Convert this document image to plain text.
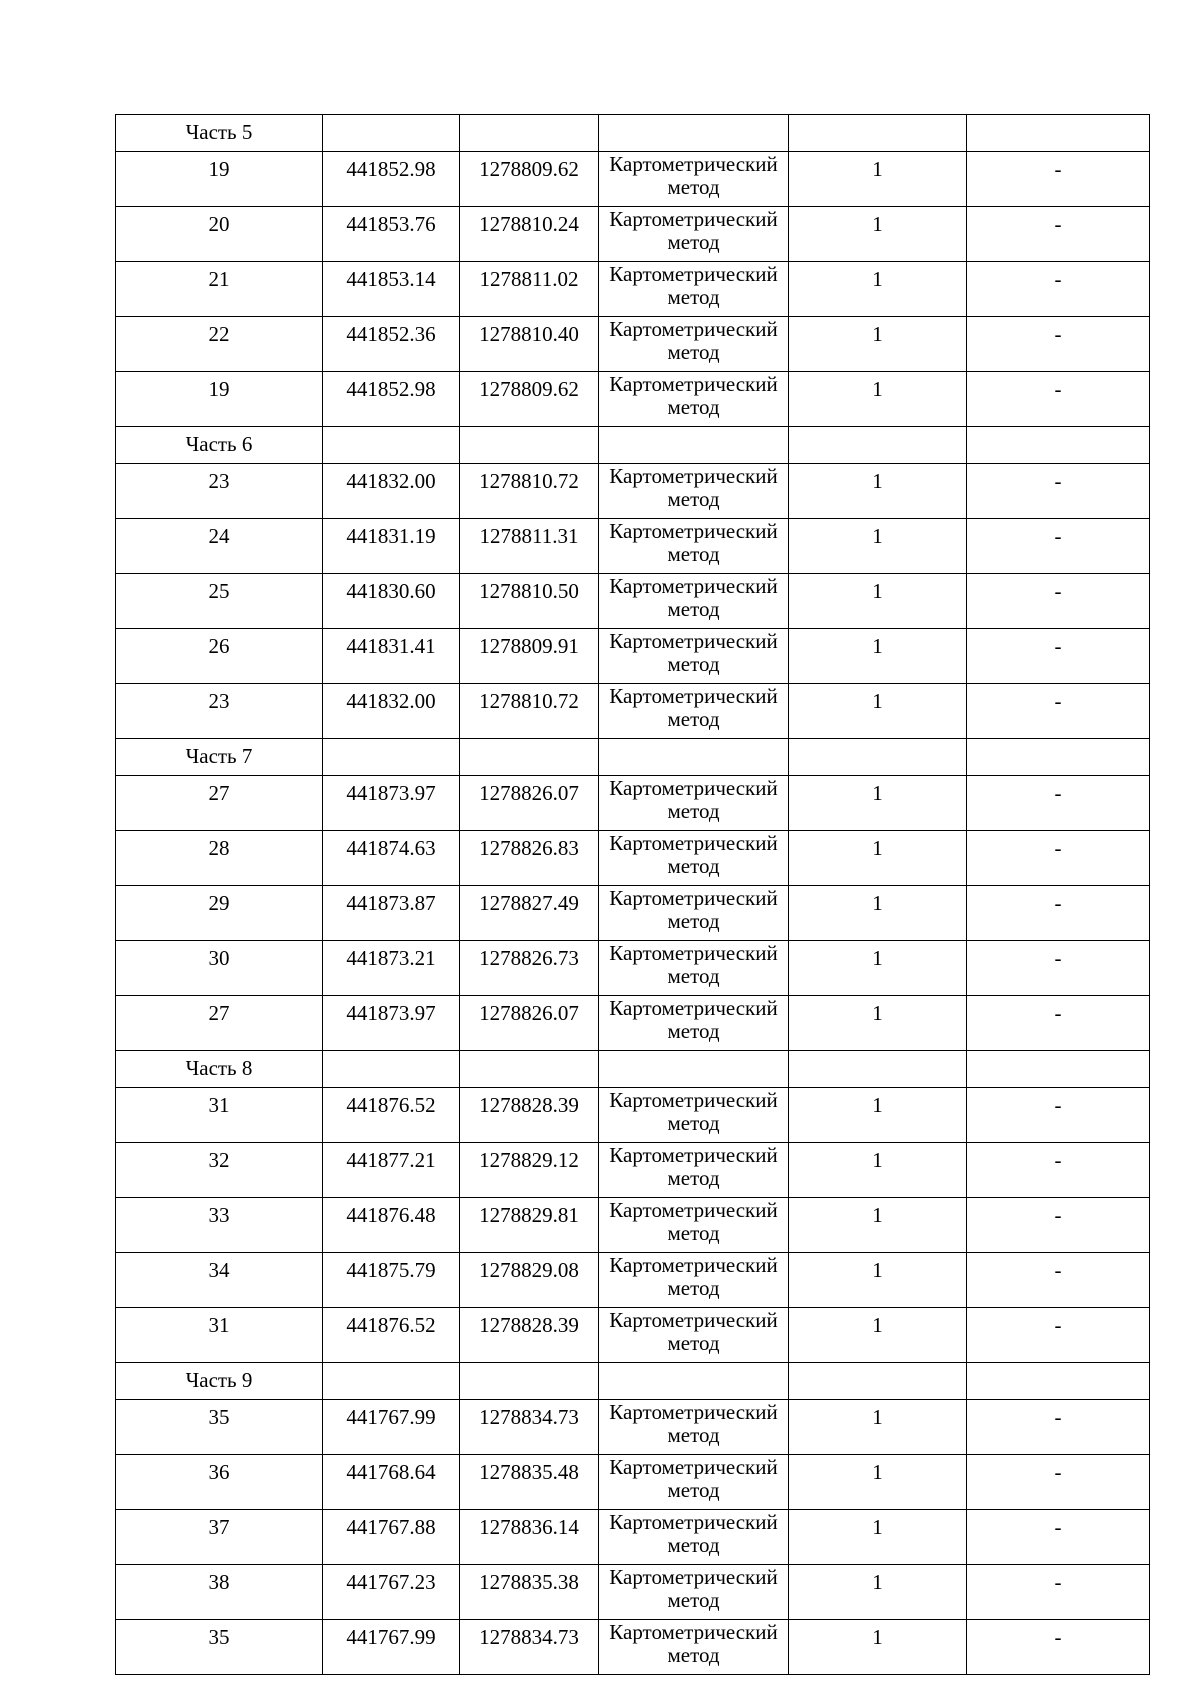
Часть 5					
19	441852.98	1278809.62	Картометрический метод	1	-
20	441853.76	1278810.24	Картометрический метод	1	-
21	441853.14	1278811.02	Картометрический метод	1	-
22	441852.36	1278810.40	Картометрический метод	1	-
19	441852.98	1278809.62	Картометрический метод	1	-
Часть 6					
23	441832.00	1278810.72	Картометрический метод	1	-
24	441831.19	1278811.31	Картометрический метод	1	-
25	441830.60	1278810.50	Картометрический метод	1	-
26	441831.41	1278809.91	Картометрический метод	1	-
23	441832.00	1278810.72	Картометрический метод	1	-
Часть 7					
27	441873.97	1278826.07	Картометрический метод	1	-
28	441874.63	1278826.83	Картометрический метод	1	-
29	441873.87	1278827.49	Картометрический метод	1	-
30	441873.21	1278826.73	Картометрический метод	1	-
27	441873.97	1278826.07	Картометрический метод	1	-
Часть 8					
31	441876.52	1278828.39	Картометрический метод	1	-
32	441877.21	1278829.12	Картометрический метод	1	-
33	441876.48	1278829.81	Картометрический метод	1	-
34	441875.79	1278829.08	Картометрический метод	1	-
31	441876.52	1278828.39	Картометрический метод	1	-
Часть 9					
35	441767.99	1278834.73	Картометрический метод	1	-
36	441768.64	1278835.48	Картометрический метод	1	-
37	441767.88	1278836.14	Картометрический метод	1	-
38	441767.23	1278835.38	Картометрический метод	1	-
35	441767.99	1278834.73	Картометрический метод	1	-
